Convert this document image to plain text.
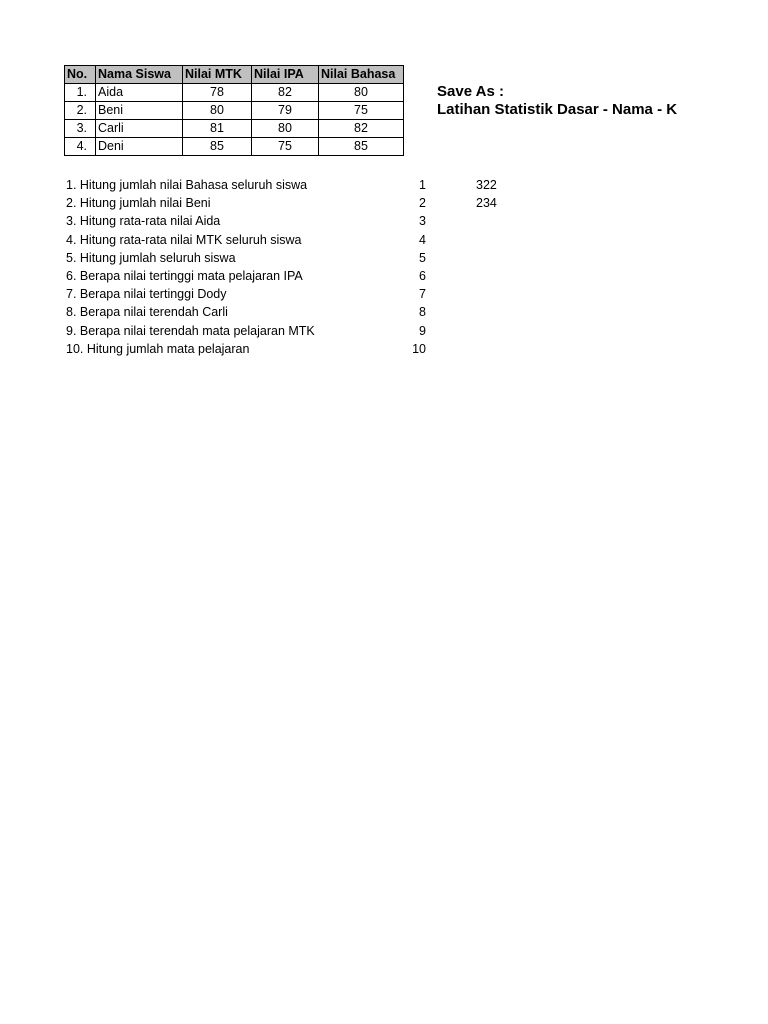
No.	Nama Siswa	Nilai MTK	Nilai IPA	Nilai Bahasa
1.	Aida	78	82	80
2.	Beni	80	79	75
3.	Carli	81	80	82
4.	Deni	85	75	85
Save As :
Latihan Statistik Dasar - Nama - K
1. Hitung jumlah nilai Bahasa seluruh siswa	1	322
2. Hitung jumlah nilai Beni	2	234
3. Hitung rata-rata nilai Aida	3
4. Hitung rata-rata nilai MTK seluruh siswa	4
5. Hitung jumlah seluruh siswa	5
6. Berapa nilai tertinggi mata pelajaran IPA	6
7. Berapa nilai tertinggi Dody	7
8. Berapa nilai terendah Carli	8
9. Berapa nilai terendah mata pelajaran MTK	9
10. Hitung jumlah mata pelajaran	10
